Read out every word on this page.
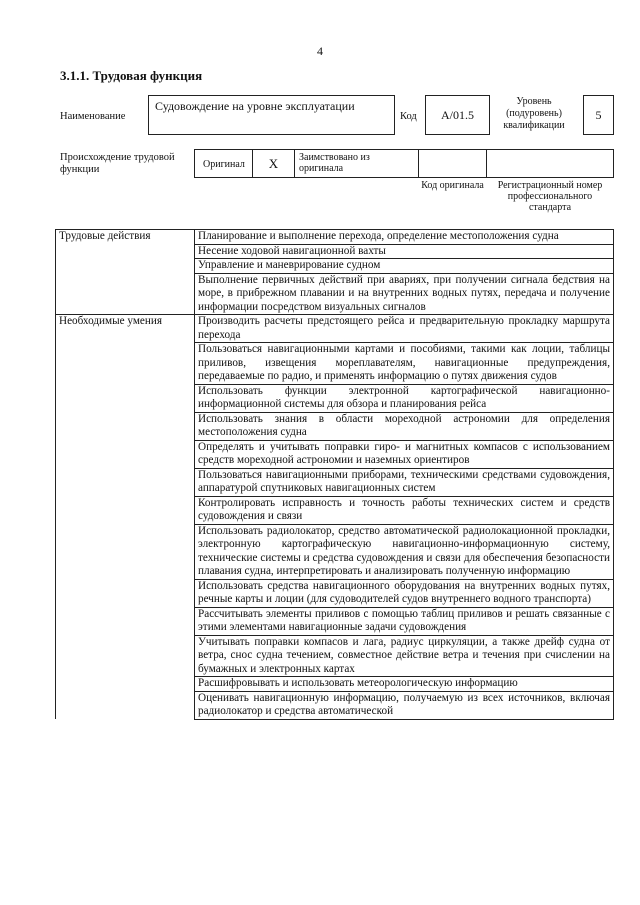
4
3.1.1. Трудовая функция
Наименование
Судовождение на уровне эксплуатации
Код	A/01.5
Уровень (подуровень) квалификации
5
Происхождение трудовой функции	Оригинал	X	Заимствовано из оригинала
Код оригинала	Регистрационный номер профессионального стандарта
Трудовые действия	Планирование и выполнение перехода, определение местоположения судна
	Несение ходовой навигационной вахты
	Управление и маневрирование судном
	Выполнение первичных действий при авариях, при получении сигнала бедствия на море, в прибрежном плавании и на внутренних водных путях, передача и получение информации посредством визуальных сигналов
Необходимые умения	Производить расчеты предстоящего рейса и предварительную прокладку маршрута перехода
	Пользоваться навигационными картами и пособиями, такими как лоции, таблицы приливов, извещения мореплавателям, навигационные предупреждения, передаваемые по радио, и применять информацию о путях движения судов
	Использовать функции электронной картографической навигационно-информационной системы для обзора и планирования рейса
	Использовать знания в области мореходной астрономии для определения местоположения судна
	Определять и учитывать поправки гиро- и магнитных компасов с использованием средств мореходной астрономии и наземных ориентиров
	Пользоваться навигационными приборами, техническими средствами судовождения, аппаратурой спутниковых навигационных систем
	Контролировать исправность и точность работы технических систем и средств судовождения и связи
	Использовать радиолокатор, средство автоматической радиолокационной прокладки, электронную картографическую навигационно-информационную систему, технические системы и средства судовождения и связи для обеспечения безопасности плавания судна, интерпретировать и анализировать полученную информацию
	Использовать средства навигационного оборудования на внутренних водных путях, речные карты и лоции (для судоводителей судов внутреннего водного транспорта)
	Рассчитывать элементы приливов с помощью таблиц приливов и решать связанные с этими элементами навигационные задачи судовождения
	Учитывать поправки компасов и лага, радиус циркуляции, а также дрейф судна от ветра, снос судна течением, совместное действие ветра и течения при счислении на бумажных и электронных картах
	Расшифровывать и использовать метеорологическую информацию
	Оценивать навигационную информацию, получаемую из всех источников, включая радиолокатор и средства автоматической
